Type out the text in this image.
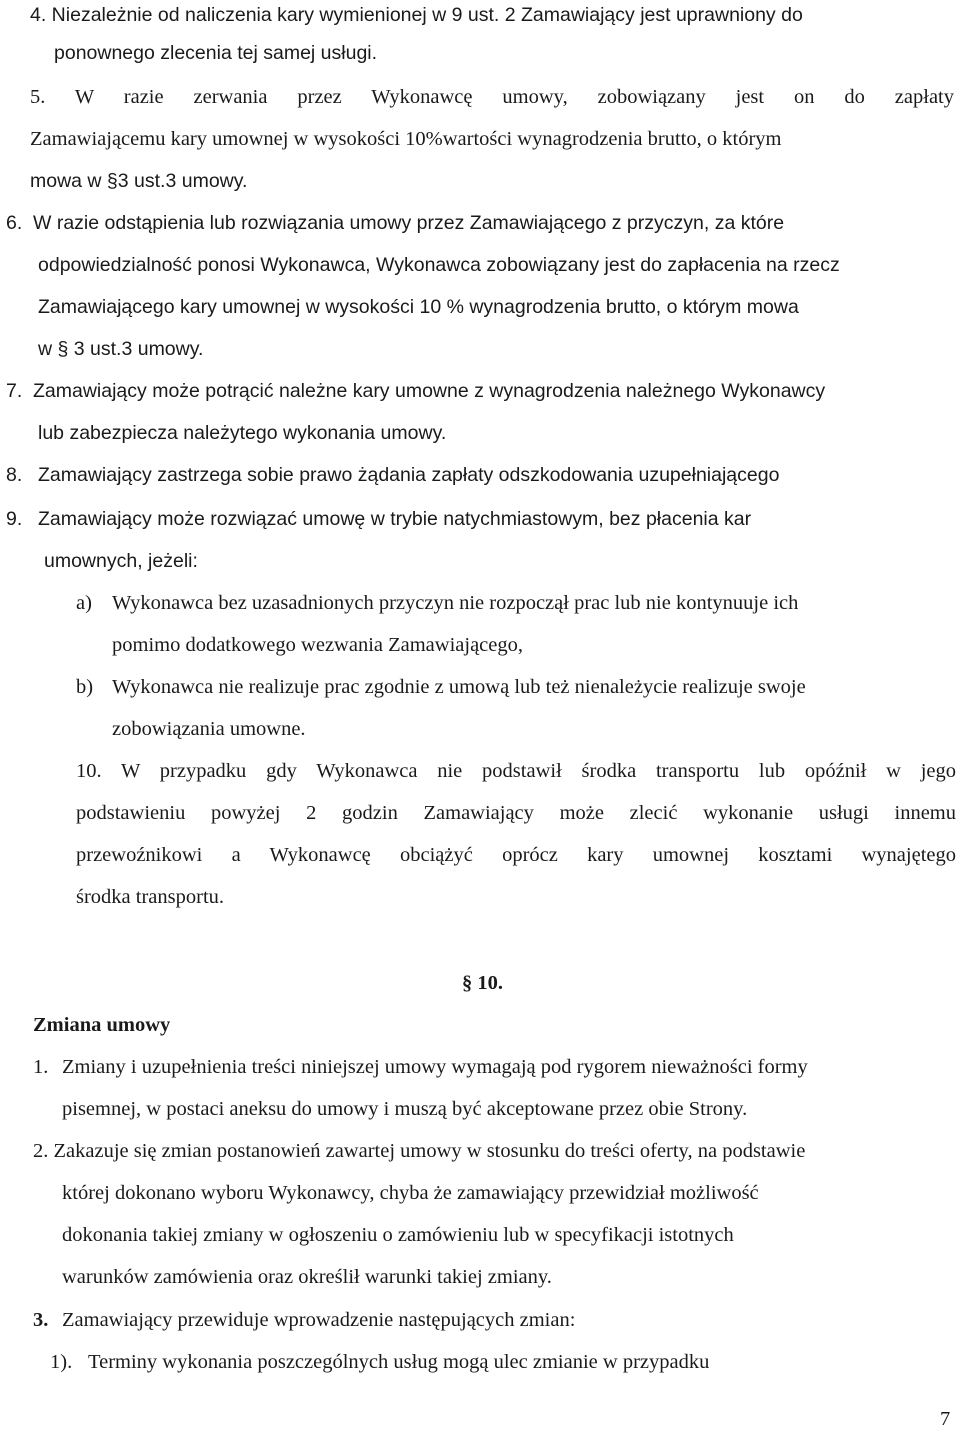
4. Niezależnie od naliczenia kary wymienionej w 9 ust. 2 Zamawiający jest uprawniony do
ponownego zlecenia tej samej usługi.
5. W razie zerwania przez Wykonawcę umowy, zobowiązany jest on do zapłaty
Zamawiającemu kary umownej w wysokości 10%wartości wynagrodzenia brutto, o którym
mowa w §3 ust.3 umowy.
6. W razie odstąpienia lub rozwiązania umowy przez Zamawiającego z przyczyn, za które
odpowiedzialność ponosi Wykonawca, Wykonawca zobowiązany jest do zapłacenia na rzecz
Zamawiającego kary umownej w wysokości 10 % wynagrodzenia brutto, o którym mowa
w § 3 ust.3 umowy.
7. Zamawiający może potrącić należne kary umowne z wynagrodzenia należnego Wykonawcy
lub zabezpiecza należytego wykonania umowy.
8. Zamawiający zastrzega sobie prawo żądania zapłaty odszkodowania uzupełniającego
9. Zamawiający może rozwiązać umowę w trybie natychmiastowym, bez płacenia kar
umownych, jeżeli:
a) Wykonawca bez uzasadnionych przyczyn nie rozpoczął prac lub nie kontynuuje ich
pomimo dodatkowego wezwania Zamawiającego,
b) Wykonawca nie realizuje prac zgodnie z umową lub też nienależycie realizuje swoje
zobowiązania umowne.
10. W przypadku gdy Wykonawca nie podstawił środka transportu lub opóźnił w jego
podstawieniu powyżej 2 godzin Zamawiający może zlecić wykonanie usługi innemu
przewoźnikowi a Wykonawcę obciążyć oprócz kary umownej kosztami wynajętego
środka transportu.
§ 10.
Zmiana umowy
1. Zmiany i uzupełnienia treści niniejszej umowy wymagają pod rygorem nieważności formy
pisemnej, w postaci aneksu do umowy i muszą być akceptowane przez obie Strony.
2. Zakazuje się zmian postanowień zawartej umowy w stosunku do treści oferty, na podstawie
której dokonano wyboru Wykonawcy, chyba że zamawiający przewidział możliwość
dokonania takiej zmiany w ogłoszeniu o zamówieniu lub w specyfikacji istotnych
warunków zamówienia oraz określił warunki takiej zmiany.
3. Zamawiający przewiduje wprowadzenie następujących zmian:
1). Terminy wykonania poszczególnych usług mogą ulec zmianie w przypadku
7
